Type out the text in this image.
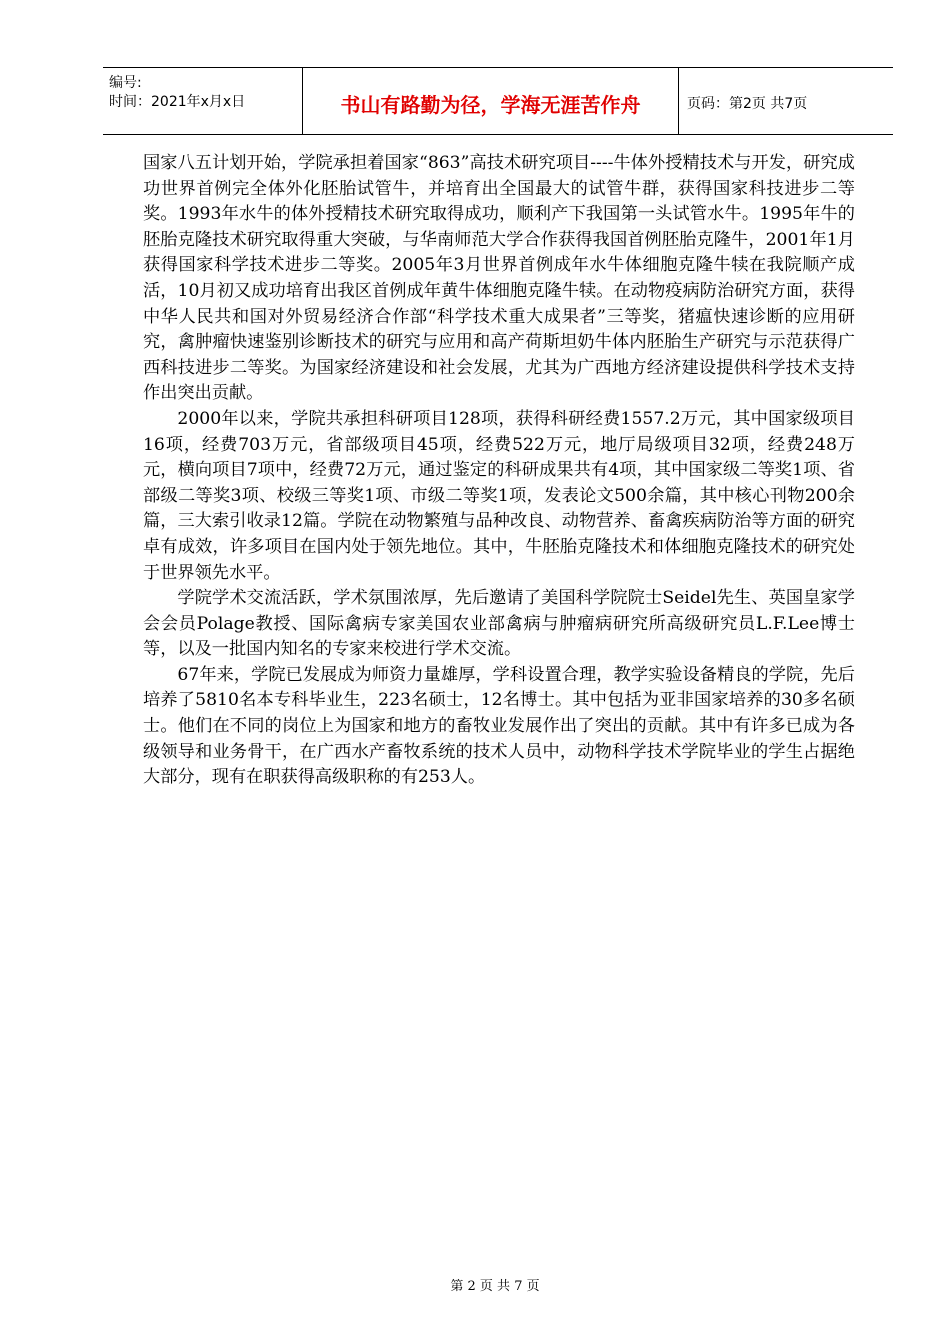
编号:
时间：2021年x月x日	书山有路勤为径，学海无涯苦作舟	页码：第2页 共7页

国家八五计划开始，学院承担着国家“863”高技术研究项目----牛体外授精技术与开发，研究成功世界首例完全体外化胚胎试管牛，并培育出全国最大的试管牛群，获得国家科技进步二等奖。1993年水牛的体外授精技术研究取得成功，顺利产下我国第一头试管水牛。1995年牛的胚胎克隆技术研究取得重大突破，与华南师范大学合作获得我国首例胚胎克隆牛，2001年1月获得国家科学技术进步二等奖。2005年3月世界首例成年水牛体细胞克隆牛犊在我院顺产成活，10月初又成功培育出我区首例成年黄牛体细胞克隆牛犊。在动物疫病防治研究方面，获得中华人民共和国对外贸易经济合作部“科学技术重大成果者”三等奖，猪瘟快速诊断的应用研究，禽肿瘤快速鉴别诊断技术的研究与应用和高产荷斯坦奶牛体内胚胎生产研究与示范获得广西科技进步二等奖。为国家经济建设和社会发展，尤其为广西地方经济建设提供科学技术支持作出突出贡献。

2000年以来，学院共承担科研项目128项，获得科研经费1557.2万元，其中国家级项目16项，经费703万元，省部级项目45项，经费522万元，地厅局级项目32项，经费248万元，横向项目7项中，经费72万元，通过鉴定的科研成果共有4项，其中国家级二等奖1项、省部级二等奖3项、校级三等奖1项、市级二等奖1项，发表论文500余篇，其中核心刊物200余篇，三大索引收录12篇。学院在动物繁殖与品种改良、动物营养、畜禽疾病防治等方面的研究卓有成效，许多项目在国内处于领先地位。其中，牛胚胎克隆技术和体细胞克隆技术的研究处于世界领先水平。

学院学术交流活跃，学术氛围浓厚，先后邀请了美国科学院院士Seidel先生、英国皇家学会会员Polage教授、国际禽病专家美国农业部禽病与肿瘤病研究所高级研究员L.F.Lee博士等，以及一批国内知名的专家来校进行学术交流。

67年来，学院已发展成为师资力量雄厚，学科设置合理，教学实验设备精良的学院，先后培养了5810名本专科毕业生，223名硕士，12名博士。其中包括为亚非国家培养的30多名硕士。他们在不同的岗位上为国家和地方的畜牧业发展作出了突出的贡献。其中有许多已成为各级领导和业务骨干，在广西水产畜牧系统的技术人员中，动物科学技术学院毕业的学生占据绝大部分，现有在职获得高级职称的有253人。

第 2 页 共 7 页
